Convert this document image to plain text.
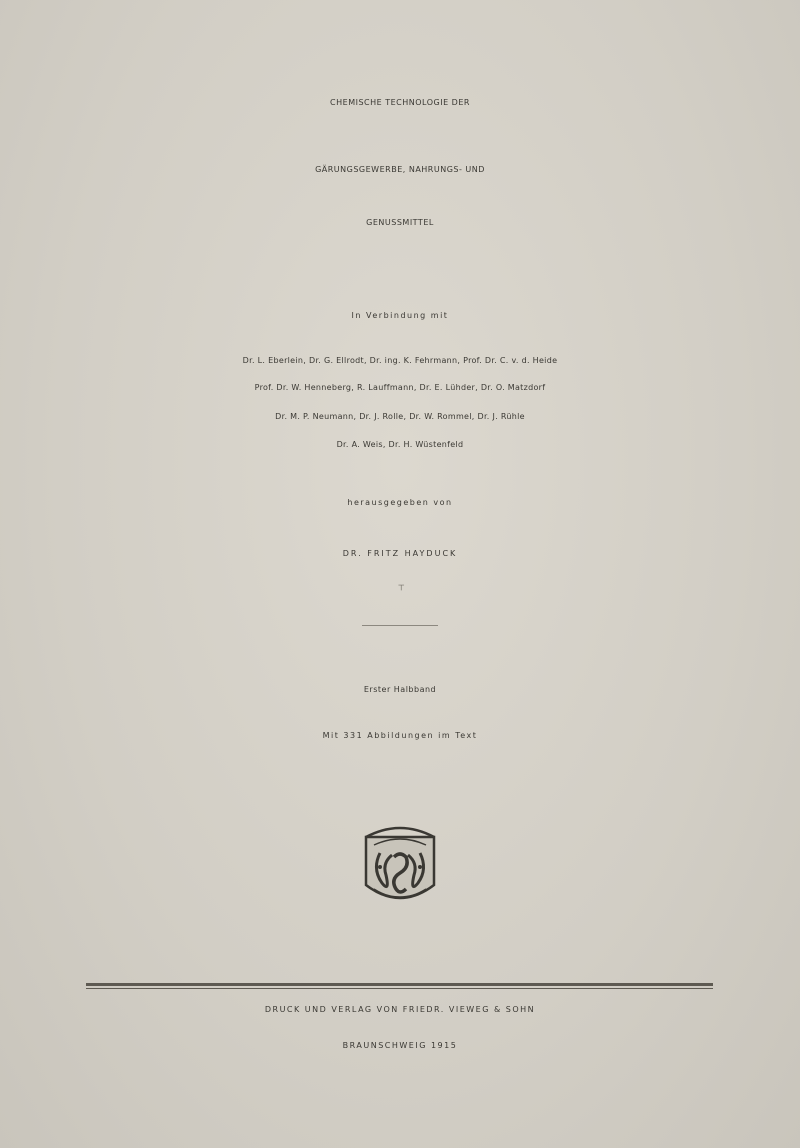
CHEMISCHE TECHNOLOGIE DER
GÄRUNGSGEWERBE, NAHRUNGS- UND
GENUSSMITTEL
In Verbindung mit
Dr. L. Eberlein, Dr. G. Ellrodt, Dr. ing. K. Fehrmann, Prof. Dr. C. v. d. Heide
Prof. Dr. W. Henneberg, R. Lauffmann, Dr. E. Lühder, Dr. O. Matzdorf
Dr. M. P. Neumann, Dr. J. Rolle, Dr. W. Rommel, Dr. J. Rühle
Dr. A. Weis, Dr. H. Wüstenfeld
herausgegeben von
DR. FRITZ HAYDUCK
⸆
Erster Halbband
Mit 331 Abbildungen im Text
DRUCK UND VERLAG VON FRIEDR. VIEWEG & SOHN
BRAUNSCHWEIG 1915
